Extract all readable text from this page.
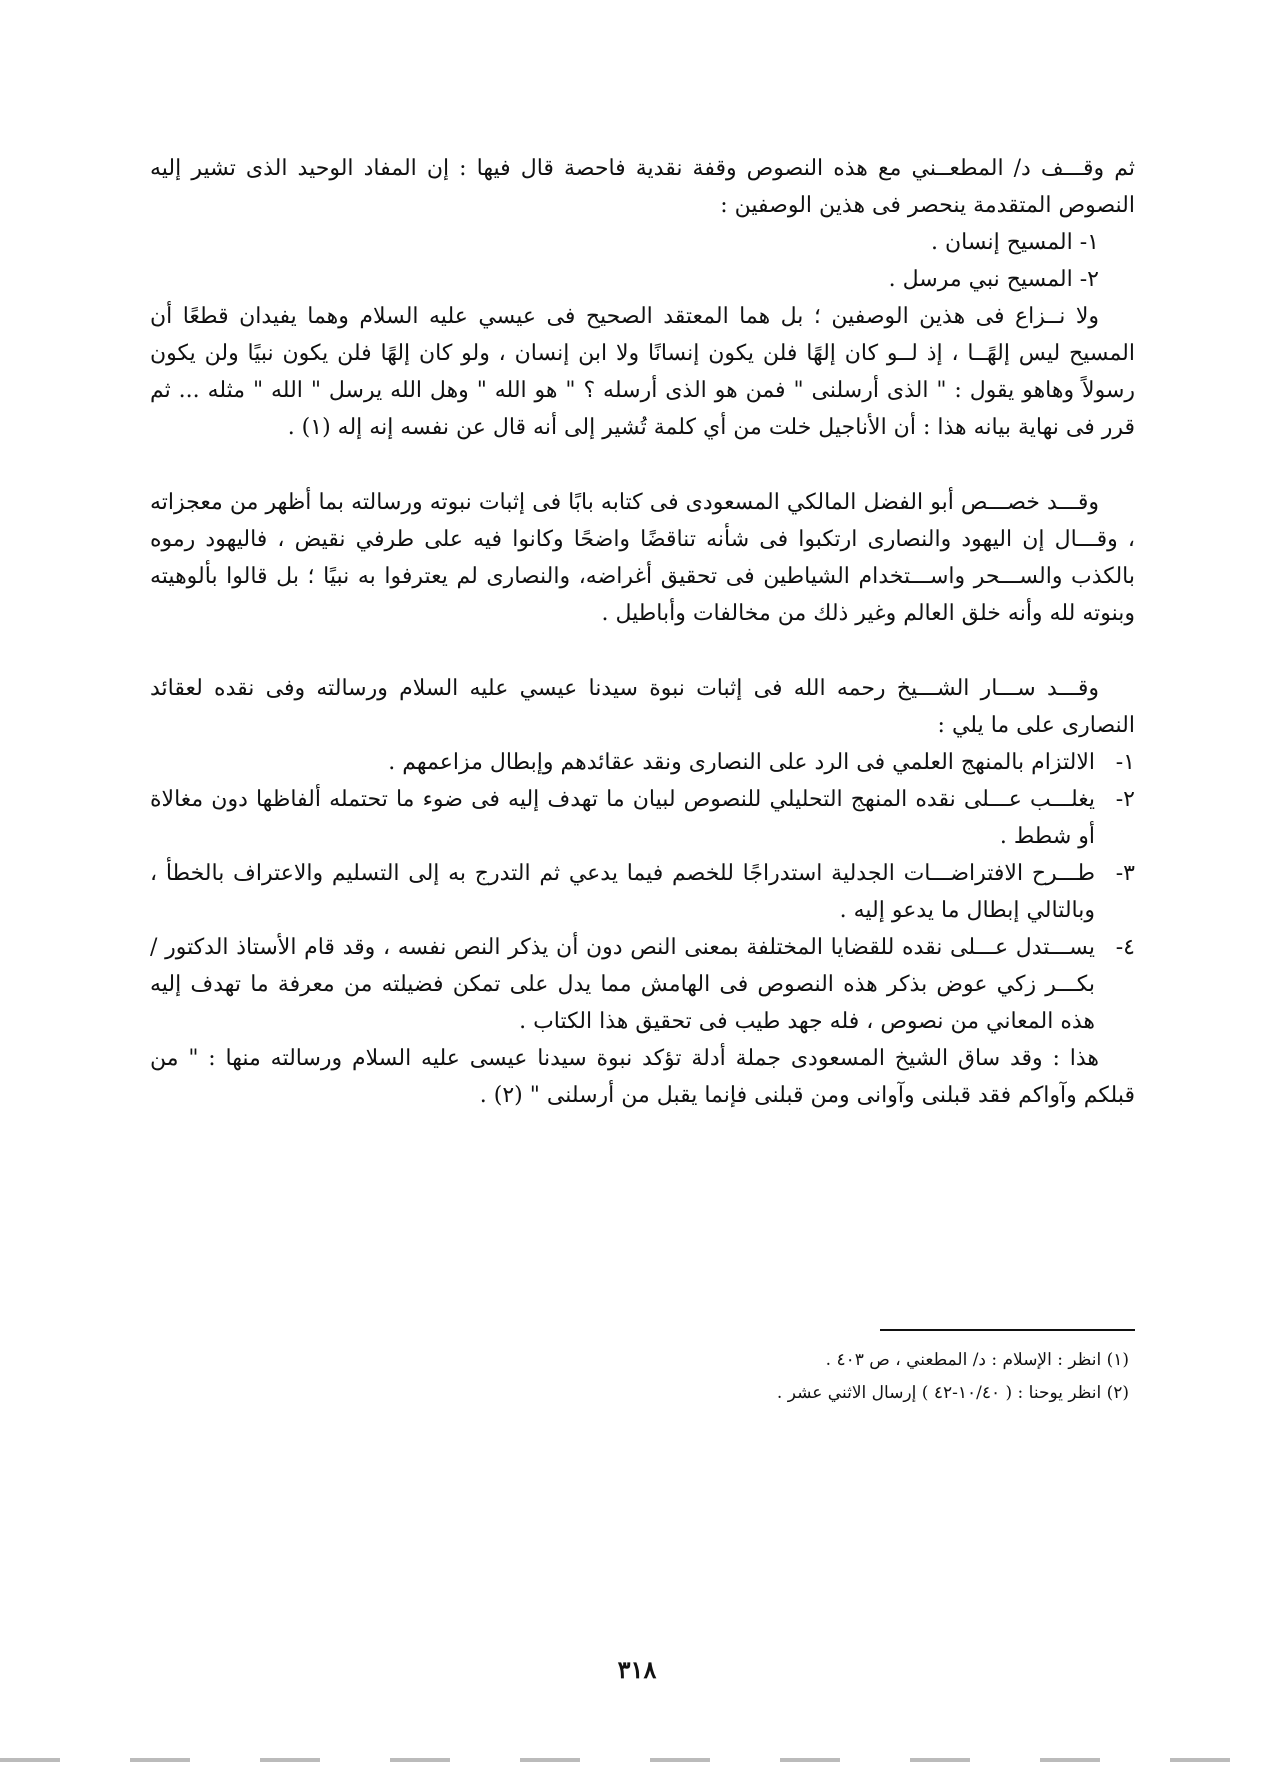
ثم وقـــف د/ المطعــني مع هذه النصوص وقفة نقدية فاحصة قال فيها : إن المفاد الوحيد الذى تشير إليه النصوص المتقدمة ينحصر فى هذين الوصفين :

١- المسيح إنسان .

٢- المسيح نبي مرسل .

ولا نــزاع فى هذين الوصفين ؛ بل هما المعتقد الصحيح فى عيسي عليه السلام وهما يفيدان قطعًا أن المسيح ليس إلهًــا ، إذ لــو كان إلهًا فلن يكون إنسانًا ولا ابن إنسان ، ولو كان إلهًا فلن يكون نبيًا ولن يكون رسولاً وهاهو يقول : " الذى أرسلنى " فمن هو الذى أرسله ؟ " هو الله " وهل الله يرسل " الله " مثله ... ثم قرر فى نهاية بيانه هذا : أن الأناجيل خلت من أي كلمة تُشير إلى أنه قال عن نفسه إنه إله (١) .

وقـــد خصـــص أبو الفضل المالكي المسعودى فى كتابه بابًا فى إثبات نبوته ورسالته بما أظهر من معجزاته ، وقـــال إن اليهود والنصارى ارتكبوا فى شأنه تناقضًا واضحًا وكانوا فيه على طرفي نقيض ، فاليهود رموه بالكذب والســـحر واســـتخدام الشياطين فى تحقيق أغراضه، والنصارى لم يعترفوا به نبيًا ؛ بل قالوا بألوهيته وبنوته لله وأنه خلق العالم وغير ذلك من مخالفات وأباطيل .

وقـــد ســـار الشـــيخ رحمه الله فى إثبات نبوة سيدنا عيسي عليه السلام ورسالته وفى نقده لعقائد النصارى على ما يلي :

١-الالتزام بالمنهج العلمي فى الرد على النصارى ونقد عقائدهم وإبطال مزاعمهم .

٢-يغلـــب عـــلى نقده المنهج التحليلي للنصوص لبيان ما تهدف إليه فى ضوء ما تحتمله ألفاظها دون مغالاة أو شطط .

٣-طـــرح الافتراضـــات الجدلية استدراجًا للخصم فيما يدعي ثم التدرج به إلى التسليم والاعتراف بالخطأ ، وبالتالي إبطال ما يدعو إليه .

٤-يســـتدل عـــلى نقده للقضايا المختلفة بمعنى النص دون أن يذكر النص نفسه ، وقد قام الأستاذ الدكتور / بكـــر زكي عوض بذكر هذه النصوص فى الهامش مما يدل على تمكن فضيلته من معرفة ما تهدف إليه هذه المعاني من نصوص ، فله جهد طيب فى تحقيق هذا الكتاب .

هذا : وقد ساق الشيخ المسعودى جملة أدلة تؤكد نبوة سيدنا عيسى عليه السلام ورسالته منها : " من قبلكم وآواكم فقد قبلنى وآوانى ومن قبلنى فإنما يقبل من أرسلنى " (٢) .

(١) انظر : الإسلام : د/ المطعني ، ص ٤٠٣ .

(٢) انظر يوحنا : ( ١٠/٤٠-٤٢ ) إرسال الاثني عشر .

٣١٨
